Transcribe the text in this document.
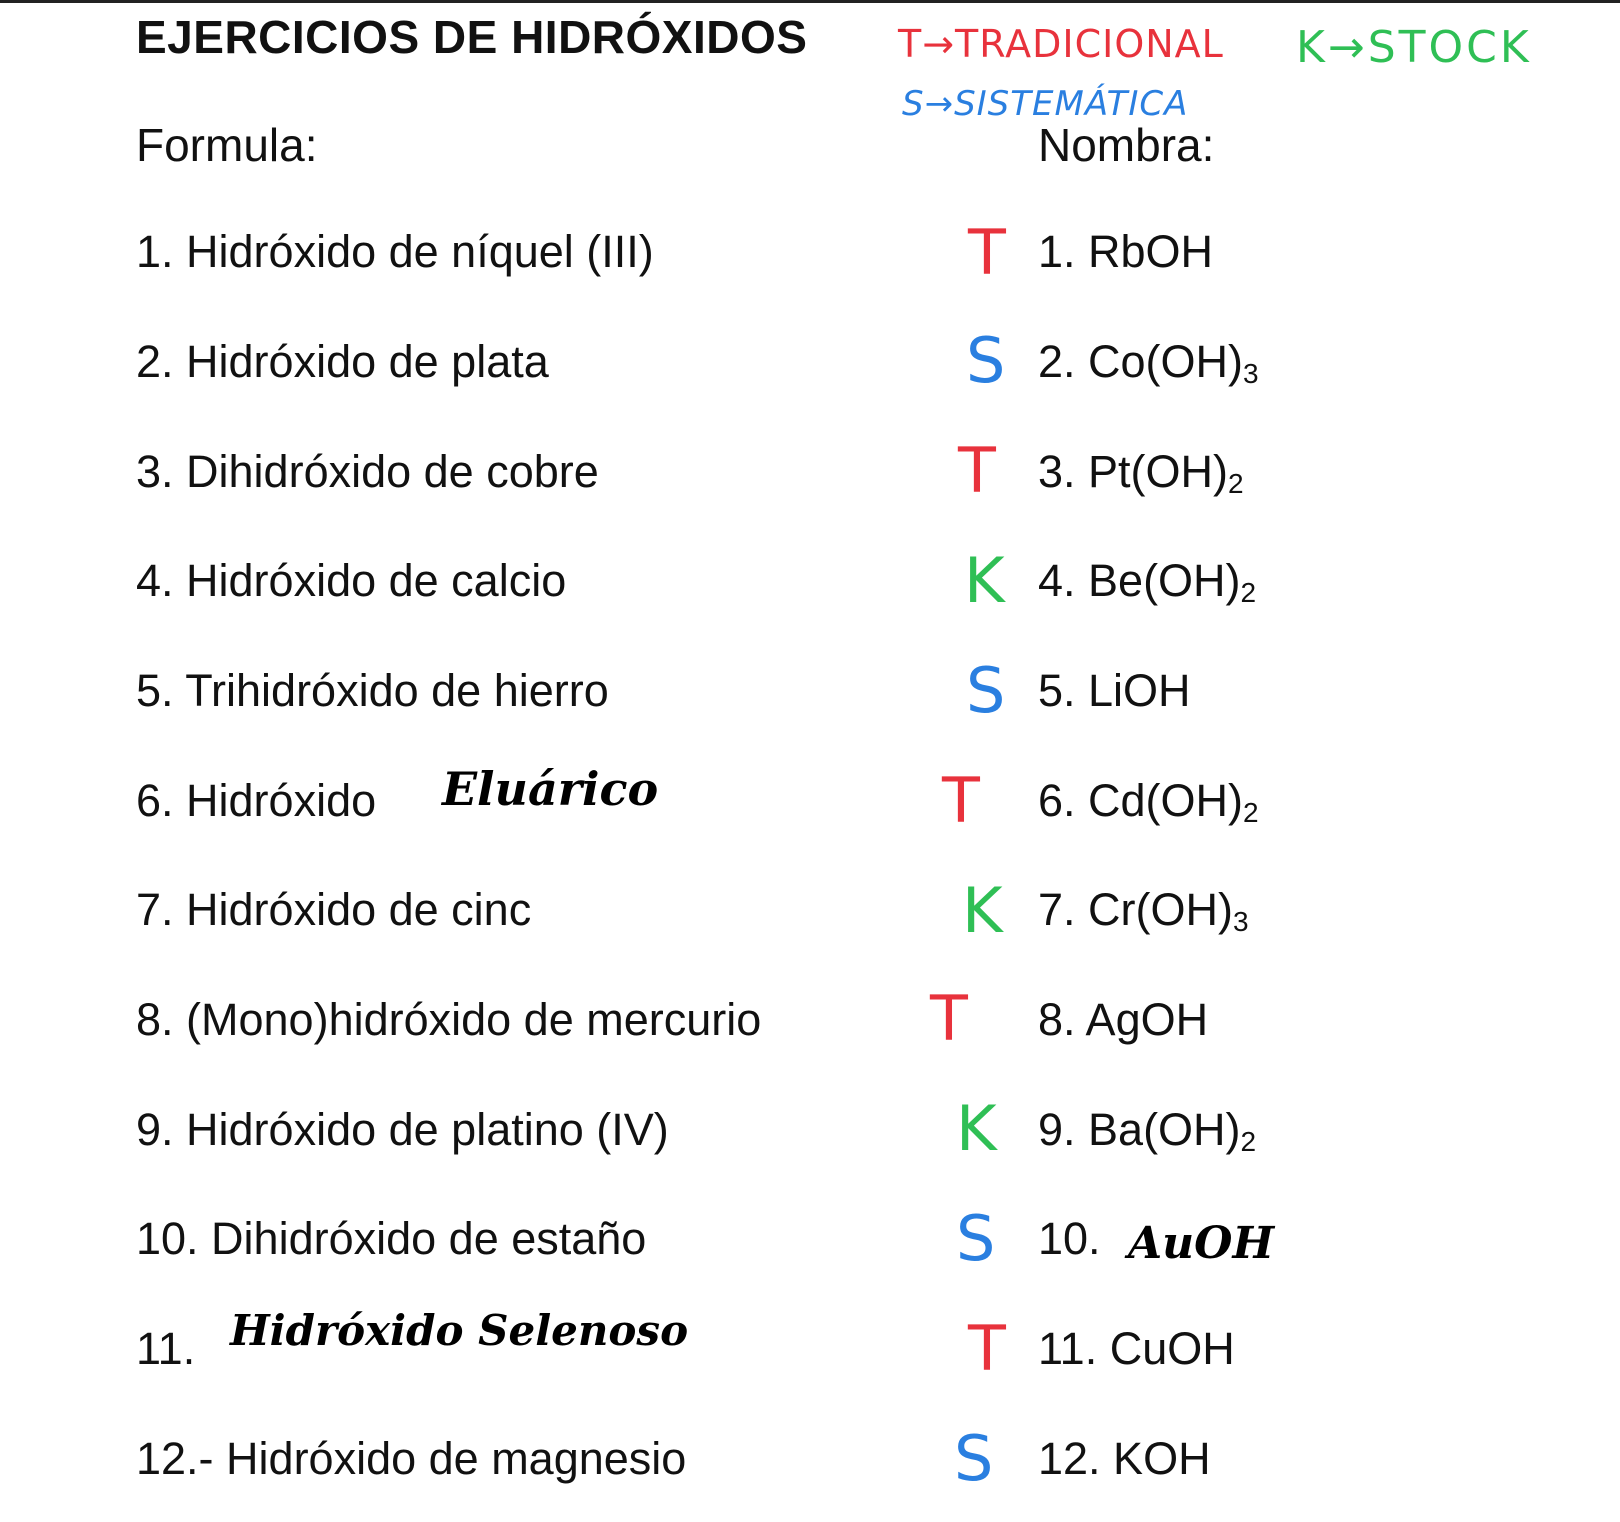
EJERCICIOS DE HIDRÓXIDOS T→TRADICIONAL
S→SISTEMÁTICA
K→STOCK
Formula:	Nombra:
1. Hidróxido de níquel (III)
2. Hidróxido de plata
3. Dihidróxido de cobre
4. Hidróxido de calcio
5. Trihidróxido de hierro
6. Hidróxido
7. Hidróxido de cinc
8. (Mono)hidróxido de mercurio
9. Hidróxido de platino (IV)
10. Dihidróxido de estaño
11.
12.- Hidróxido de magnesio
Eluárico
Hidróxido Selenoso
AuOH
T
S
T
K
S
T
K
T
K
S
T
S
1. RbOH
2. $Co(OH)_3$
3. $Pt(OH)_2$
4. $Be(OH)_2$
5. LiOH
6. $Cd(OH)_2$
7. $Cr(OH)_3$
8. AgOH
9. $Ba(OH)_2$
10.
11. CuOH
12. KOH
